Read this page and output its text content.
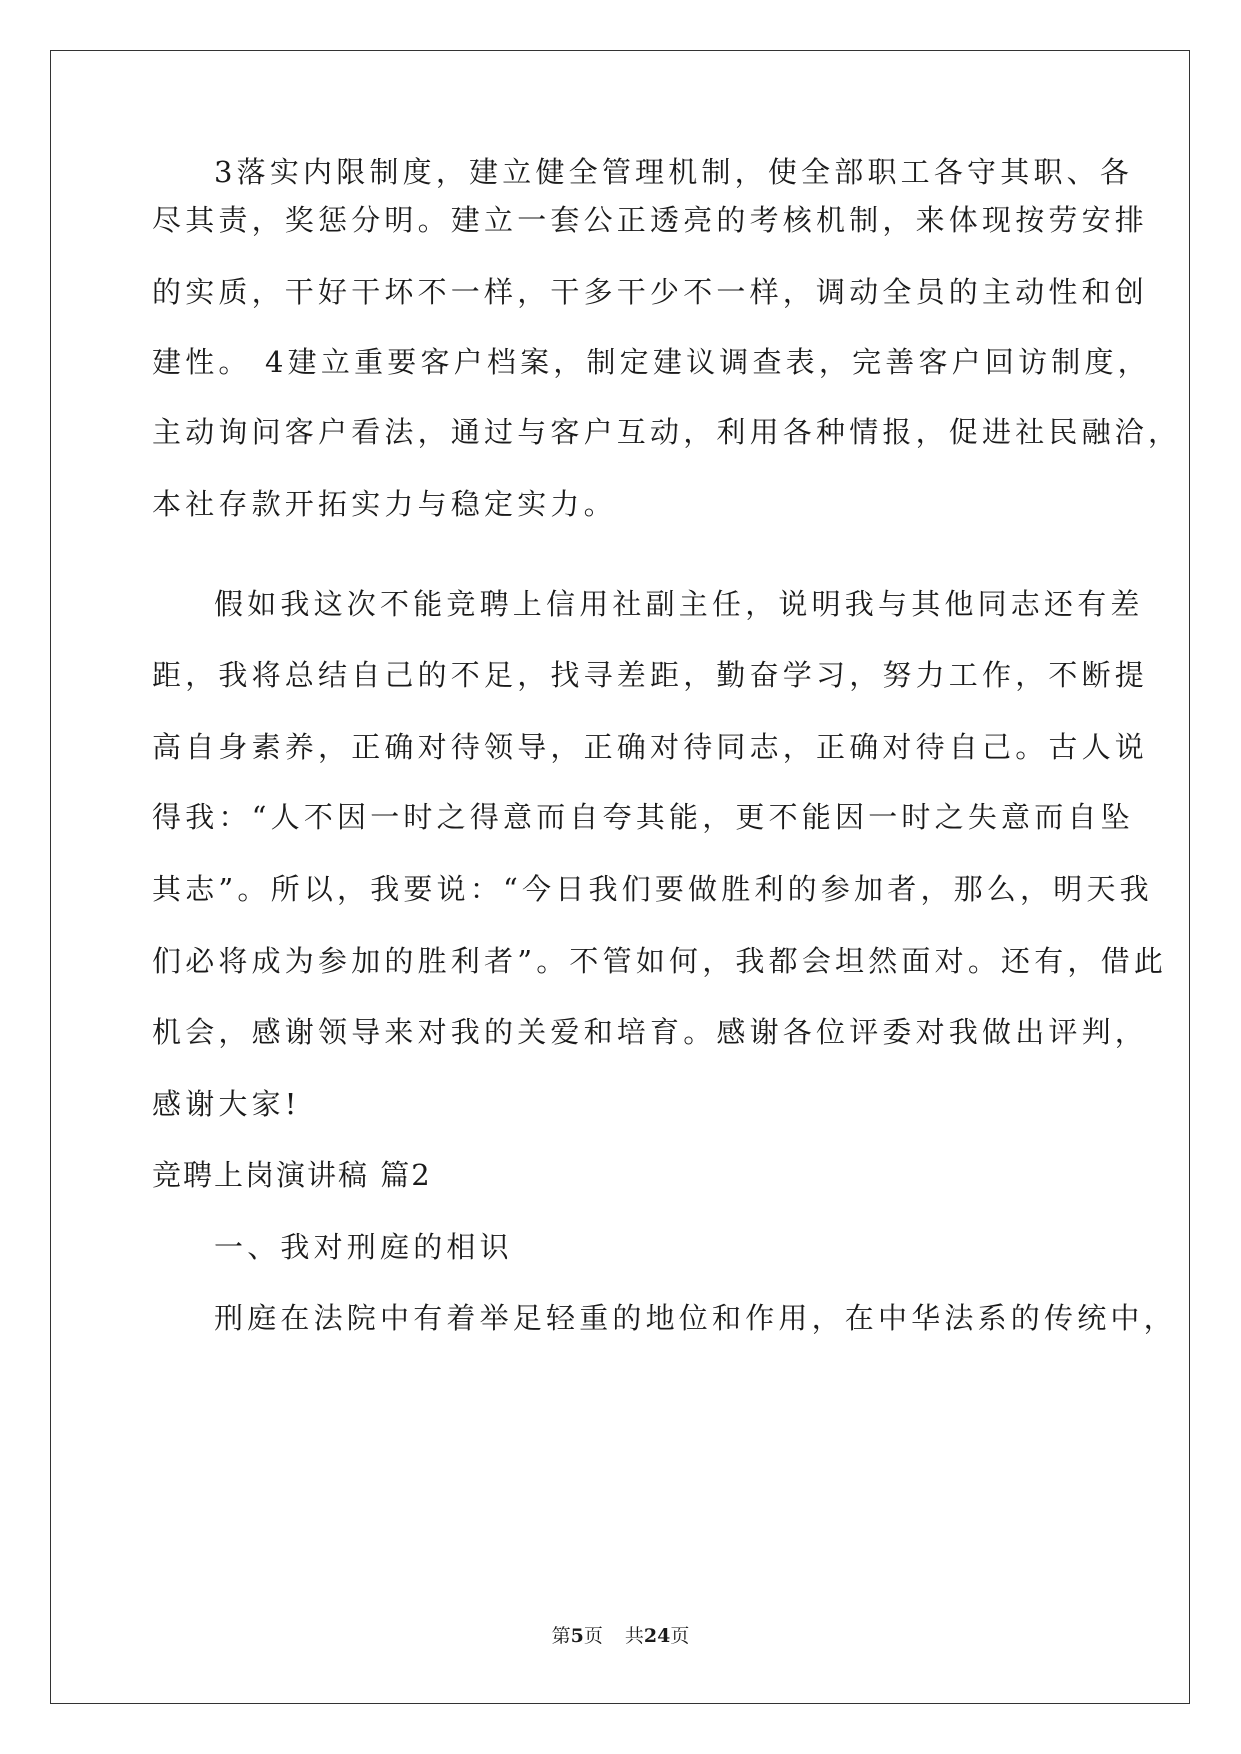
3落实内限制度，建立健全管理机制，使全部职工各守其职、各
尽其责，奖惩分明。建立一套公正透亮的考核机制，来体现按劳安排
的实质，干好干坏不一样，干多干少不一样，调动全员的主动性和创
建性。 4建立重要客户档案，制定建议调查表，完善客户回访制度，
主动询问客户看法，通过与客户互动，利用各种情报，促进社民融洽，
本社存款开拓实力与稳定实力。
假如我这次不能竞聘上信用社副主任，说明我与其他同志还有差
距，我将总结自己的不足，找寻差距，勤奋学习，努力工作，不断提
高自身素养，正确对待领导，正确对待同志，正确对待自己。古人说
得我：“人不因一时之得意而自夸其能，更不能因一时之失意而自坠
其志”。所以，我要说：“今日我们要做胜利的参加者，那么，明天我
们必将成为参加的胜利者”。不管如何，我都会坦然面对。还有，借此
机会，感谢领导来对我的关爱和培育。感谢各位评委对我做出评判，
感谢大家!
竞聘上岗演讲稿 篇2
一、我对刑庭的相识
刑庭在法院中有着举足轻重的地位和作用，在中华法系的传统中，
第5页 共24页
